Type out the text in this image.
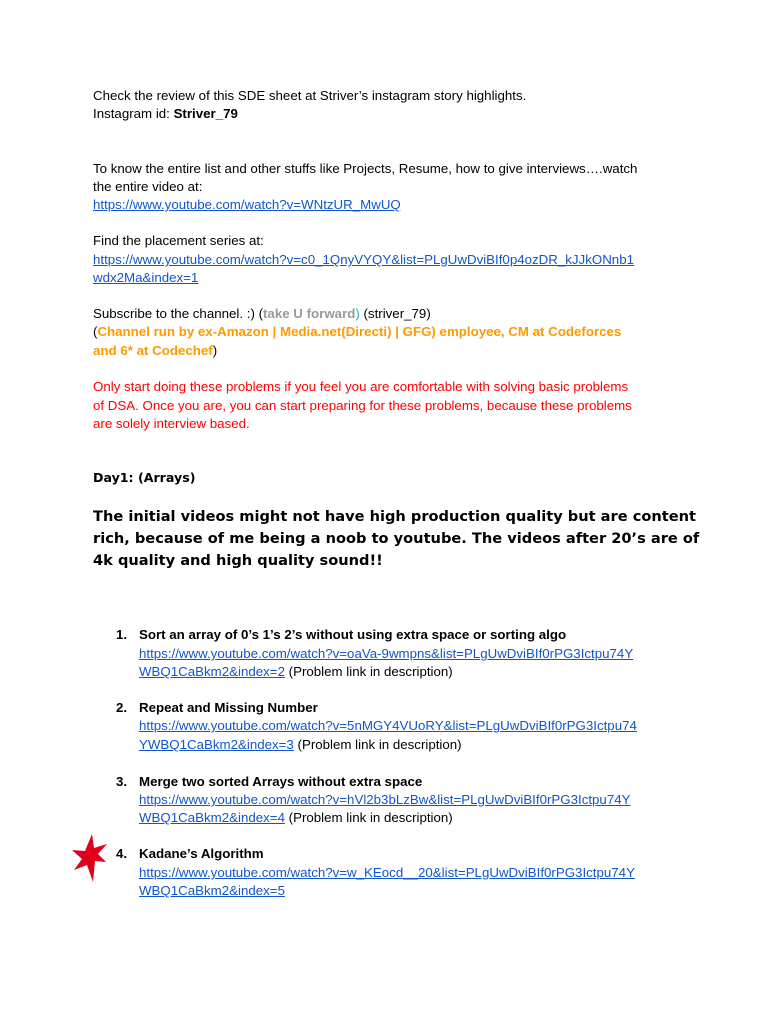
Check the review of this SDE sheet at Striver’s instagram story highlights.
Instagram id: Striver_79
To know the entire list and other stuffs like Projects, Resume, how to give interviews….watch
the entire video at:
https://www.youtube.com/watch?v=WNtzUR_MwUQ
Find the placement series at:
https://www.youtube.com/watch?v=c0_1QnyVYQY&list=PLgUwDviBIf0p4ozDR_kJJkONnb1
wdx2Ma&index=1
Subscribe to the channel. :) (take U forward) (striver_79)
(Channel run by ex-Amazon | Media.net(Directi) | GFG) employee, CM at Codeforces
and 6* at Codechef)
Only start doing these problems if you feel you are comfortable with solving basic problems
of DSA. Once you are, you can start preparing for these problems, because these problems
are solely interview based.
Day1: (Arrays)
The initial videos might not have high production quality but are content
rich, because of me being a noob to youtube. The videos after 20’s are of
4k quality and high quality sound!!
1. Sort an array of 0’s 1’s 2’s without using extra space or sorting algo
https://www.youtube.com/watch?v=oaVa-9wmpns&list=PLgUwDviBIf0rPG3Ictpu74Y
WBQ1CaBkm2&index=2 (Problem link in description)
2. Repeat and Missing Number
https://www.youtube.com/watch?v=5nMGY4VUoRY&list=PLgUwDviBIf0rPG3Ictpu74
YWBQ1CaBkm2&index=3 (Problem link in description)
3. Merge two sorted Arrays without extra space
https://www.youtube.com/watch?v=hVl2b3bLzBw&list=PLgUwDviBIf0rPG3Ictpu74Y
WBQ1CaBkm2&index=4 (Problem link in description)
4. Kadane’s Algorithm
https://www.youtube.com/watch?v=w_KEocd__20&list=PLgUwDviBIf0rPG3Ictpu74Y
WBQ1CaBkm2&index=5
